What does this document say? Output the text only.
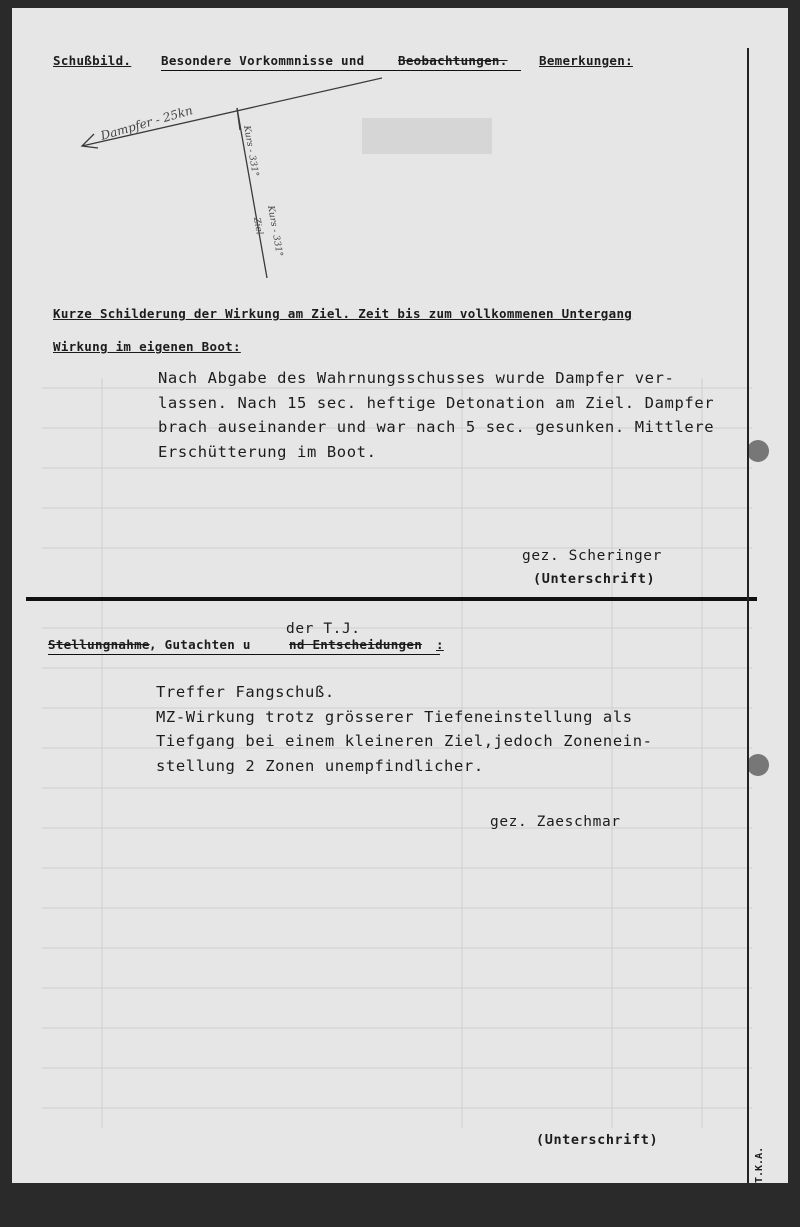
Schußbild. Besondere Vorkommnisse und	Beobachtungen.	Bemerkungen:
Dampfer - 25kn
Kurs - 331°
Kurs - 331°
Ziel
Kurze Schilderung der Wirkung am Ziel. Zeit bis zum vollkommenen Untergang
Wirkung im eigenen Boot:
Nach Abgabe des Wahrnungsschusses wurde Dampfer ver-
lassen. Nach 15 sec. heftige Detonation am Ziel. Dampfer
brach auseinander und war nach 5 sec. gesunken. Mittlere
Erschütterung im Boot.
gez. Scheringer
(Unterschrift)
der T.J.
Stellungnahme , Gutachten u	nd Entscheidungen :
Treffer Fangschuß.
MZ-Wirkung trotz grösserer Tiefeneinstellung als
Tiefgang bei einem kleineren Ziel,jedoch Zonenein-
stellung 2 Zonen unempfindlicher.
gez. Zaeschmar
(Unterschrift)
T.K.A.
